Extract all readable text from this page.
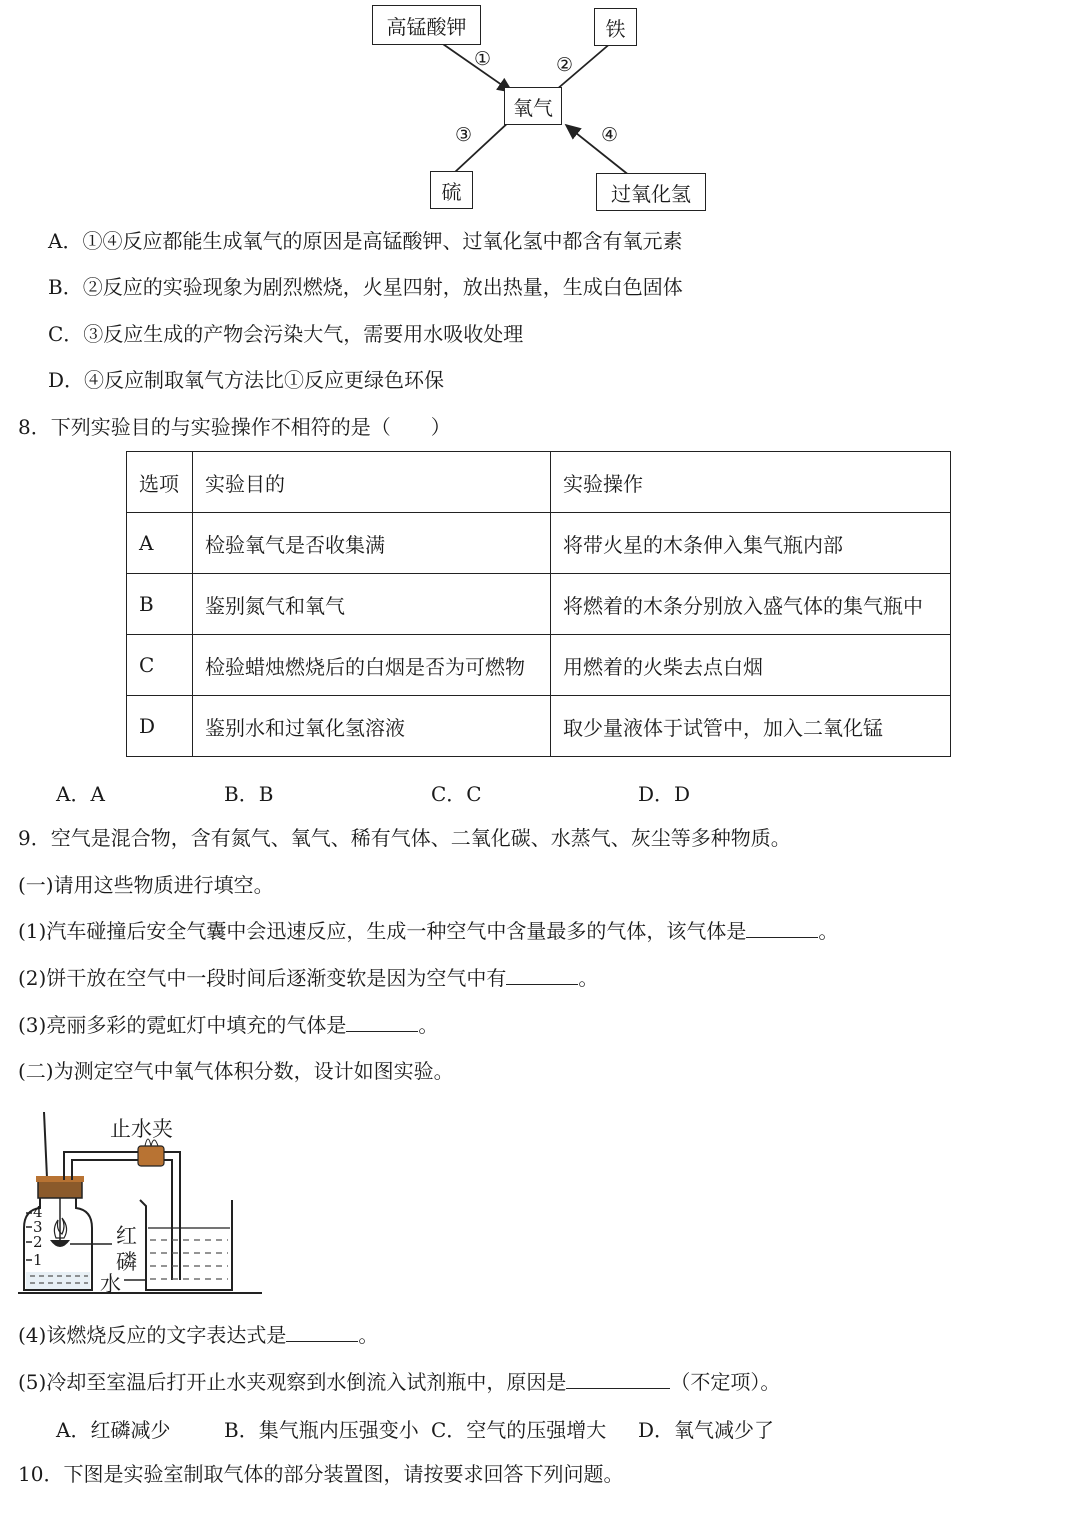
高锰酸钾	铁
氧气
硫	过氧化氢
①	②
③	④
A．①④反应都能生成氧气的原因是高锰酸钾、过氧化氢中都含有氧元素
B．②反应的实验现象为剧烈燃烧，火星四射，放出热量，生成白色固体
C．③反应生成的产物会污染大气，需要用水吸收处理
D．④反应制取氧气方法比①反应更绿色环保
8．下列实验目的与实验操作不相符的是（　　）
选项	实验目的	实验操作
A	检验氧气是否收集满	将带火星的木条伸入集气瓶内部
B	鉴别氮气和氧气	将燃着的木条分别放入盛气体的集气瓶中
C	检验蜡烛燃烧后的白烟是否为可燃物	用燃着的火柴去点白烟
D	鉴别水和过氧化氢溶液	取少量液体于试管中，加入二氧化锰
A．A	B．B	C．C	D．D
9．空气是混合物，含有氮气、氧气、稀有气体、二氧化碳、水蒸气、灰尘等多种物质。
(一)请用这些物质进行填空。
(1)汽车碰撞后安全气囊中会迅速反应，生成一种空气中含量最多的气体，该气体是	。
(2)饼干放在空气中一段时间后逐渐变软是因为空气中有	。
(3)亮丽多彩的霓虹灯中填充的气体是	。
(二)为测定空气中氧气体积分数，设计如图实验。
止水夹
红
磷
水
4
3
2
1
(4)该燃烧反应的文字表达式是	。
(5)冷却至室温后打开止水夹观察到水倒流入试剂瓶中，原因是	（不定项）。
A．红磷减少	B．集气瓶内压强变小 C．空气的压强增大 D．氧气减少了
10．下图是实验室制取气体的部分装置图，请按要求回答下列问题。
